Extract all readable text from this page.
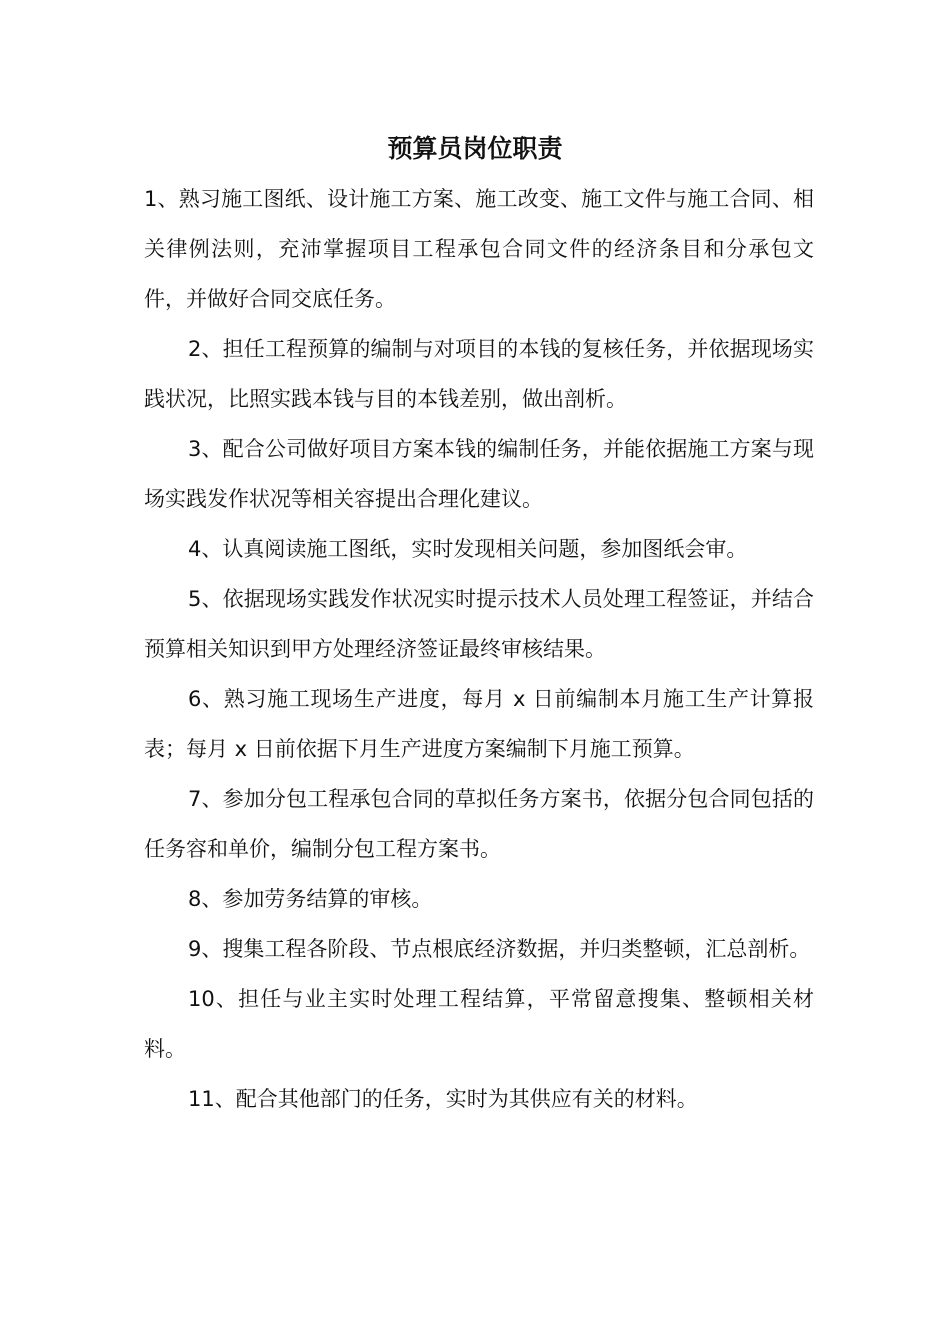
预算员岗位职责

1、熟习施工图纸、设计施工方案、施工改变、施工文件与施工合同、相关律例法则，充沛掌握项目工程承包合同文件的经济条目和分承包文件，并做好合同交底任务。

2、担任工程预算的编制与对项目的本钱的复核任务，并依据现场实践状况，比照实践本钱与目的本钱差别，做出剖析。

3、配合公司做好项目方案本钱的编制任务，并能依据施工方案与现场实践发作状况等相关容提出合理化建议。

4、认真阅读施工图纸，实时发现相关问题，参加图纸会审。

5、依据现场实践发作状况实时提示技术人员处理工程签证，并结合预算相关知识到甲方处理经济签证最终审核结果。

6、熟习施工现场生产进度，每月 x 日前编制本月施工生产计算报表；每月 x 日前依据下月生产进度方案编制下月施工预算。

7、参加分包工程承包合同的草拟任务方案书，依据分包合同包括的任务容和单价，编制分包工程方案书。

8、参加劳务结算的审核。

9、搜集工程各阶段、节点根底经济数据，并归类整顿，汇总剖析。

10、担任与业主实时处理工程结算，平常留意搜集、整顿相关材料。

11、配合其他部门的任务，实时为其供应有关的材料。
